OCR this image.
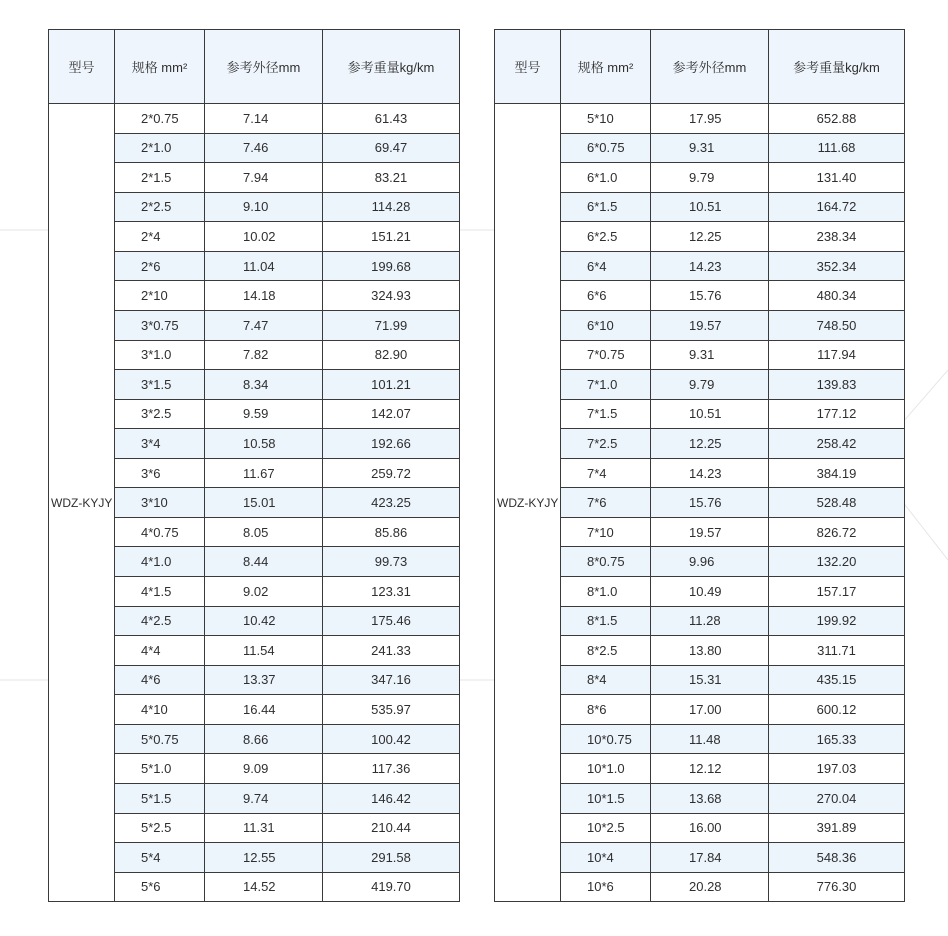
型号	规格 mm²	参考外径mm	参考重量kg/km
WDZ-KYJY	2*0.75	7.14	61.43
	2*1.0	7.46	69.47
	2*1.5	7.94	83.21
	2*2.5	9.10	114.28
	2*4	10.02	151.21
	2*6	11.04	199.68
	2*10	14.18	324.93
	3*0.75	7.47	71.99
	3*1.0	7.82	82.90
	3*1.5	8.34	101.21
	3*2.5	9.59	142.07
	3*4	10.58	192.66
	3*6	11.67	259.72
	3*10	15.01	423.25
	4*0.75	8.05	85.86
	4*1.0	8.44	99.73
	4*1.5	9.02	123.31
	4*2.5	10.42	175.46
	4*4	11.54	241.33
	4*6	13.37	347.16
	4*10	16.44	535.97
	5*0.75	8.66	100.42
	5*1.0	9.09	117.36
	5*1.5	9.74	146.42
	5*2.5	11.31	210.44
	5*4	12.55	291.58
	5*6	14.52	419.70
型号	规格 mm²	参考外径mm	参考重量kg/km
WDZ-KYJY	5*10	17.95	652.88
	6*0.75	9.31	111.68
	6*1.0	9.79	131.40
	6*1.5	10.51	164.72
	6*2.5	12.25	238.34
	6*4	14.23	352.34
	6*6	15.76	480.34
	6*10	19.57	748.50
	7*0.75	9.31	117.94
	7*1.0	9.79	139.83
	7*1.5	10.51	177.12
	7*2.5	12.25	258.42
	7*4	14.23	384.19
	7*6	15.76	528.48
	7*10	19.57	826.72
	8*0.75	9.96	132.20
	8*1.0	10.49	157.17
	8*1.5	11.28	199.92
	8*2.5	13.80	311.71
	8*4	15.31	435.15
	8*6	17.00	600.12
	10*0.75	11.48	165.33
	10*1.0	12.12	197.03
	10*1.5	13.68	270.04
	10*2.5	16.00	391.89
	10*4	17.84	548.36
	10*6	20.28	776.30
